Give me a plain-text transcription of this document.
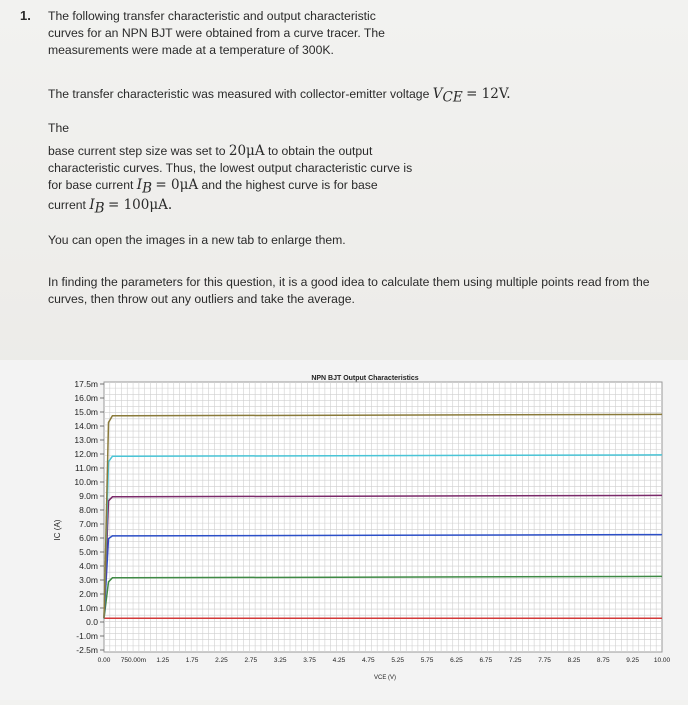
1. The following transfer characteristic and output characteristic
curves for an NPN BJT were obtained from a curve tracer. The
measurements were made at a temperature of 300K.
The transfer characteristic was measured with collector-emitter voltage $V_{CE} = 12V$.
The
base current step size was set to 20μA to obtain the output
characteristic curves. Thus, the lowest output characteristic curve is
for base current $I_B = 0\mu A$ and the highest curve is for base
current $I_B = 100\mu A$.
You can open the images in a new tab to enlarge them.
In finding the parameters for this question, it is a good idea to calculate them using multiple points read from the
curves, then throw out any outliers and take the average.
NPN BJT Output Characteristics
IC (A)
VCE (V)
17.5m
16.0m
15.0m
14.0m
13.0m
12.0m
11.0m
10.0m
9.0m
8.0m
7.0m
6.0m
5.0m
4.0m
3.0m
2.0m
1.0m
0.0
-1.0m
-2.5m
0.00 750.00m 1.25	1.75	2.25	2.75	3.25	3.75	4.25	4.75	5.25	5.75	6.25	6.75	7.25	7.75	8.25	8.75	9.25 10.00
